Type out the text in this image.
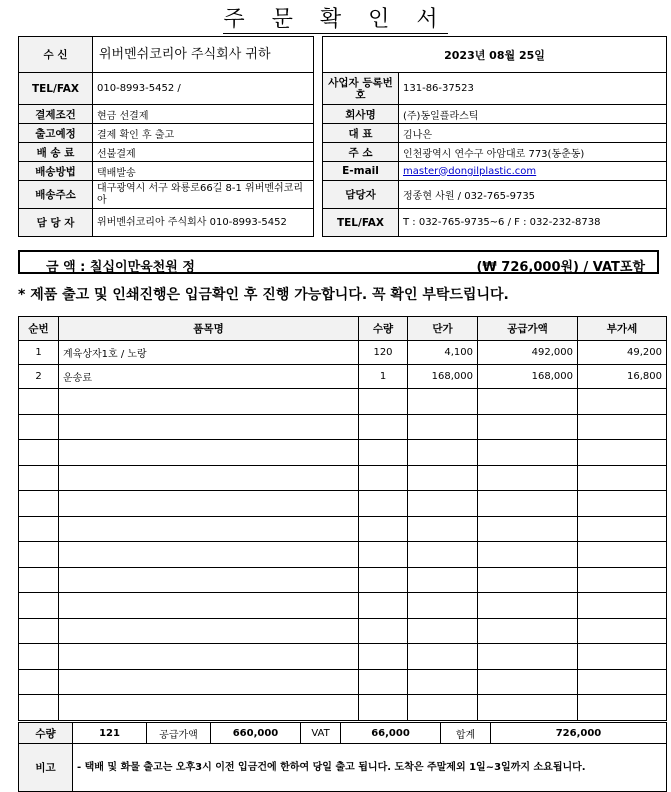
주 문 확 인 서
수 신	위버멘쉬코리아 주식회사 귀하
TEL/FAX	010-8993-5452 /
결제조건	현금 선결제
출고예정	결제 확인 후 출고
배 송 료	선불결제
배송방법	택배발송
배송주소	대구광역시 서구 와룡로66길 8-1 위버멘쉬코리아
담 당 자	위버멘쉬코리아 주식회사 010-8993-5452
2023년 08월 25일	
사업자 등록번호	131-86-37523
회사명	(주)동일플라스틱
대 표	김나은
주 소	인천광역시 연수구 아암대로 773(동춘동)
E-mail	master@dongilplastic.com
담당자	정종현 사원 / 032-765-9735
TEL/FAX	T : 032-765-9735~6 / F : 032-232-8738
금 액 : 칠십이만육천원 정	(₩ 726,000원) / VAT포함
* 제품 출고 및 인쇄진행은 입금확인 후 진행 가능합니다. 꼭 확인 부탁드립니다.
순번	품목명	수량	단가	공급가액	부가세
1	계육상자1호 / 노랑	120	4,100	492,000	49,200
2	운송료	1	168,000	168,000	16,800

수량	121	공급가액	660,000	VAT	66,000	합계	726,000
비고	- 택배 및 화물 출고는 오후3시 이전 입금건에 한하여 당일 출고 됩니다. 도착은 주말제외 1일~3일까지 소요됩니다.						
